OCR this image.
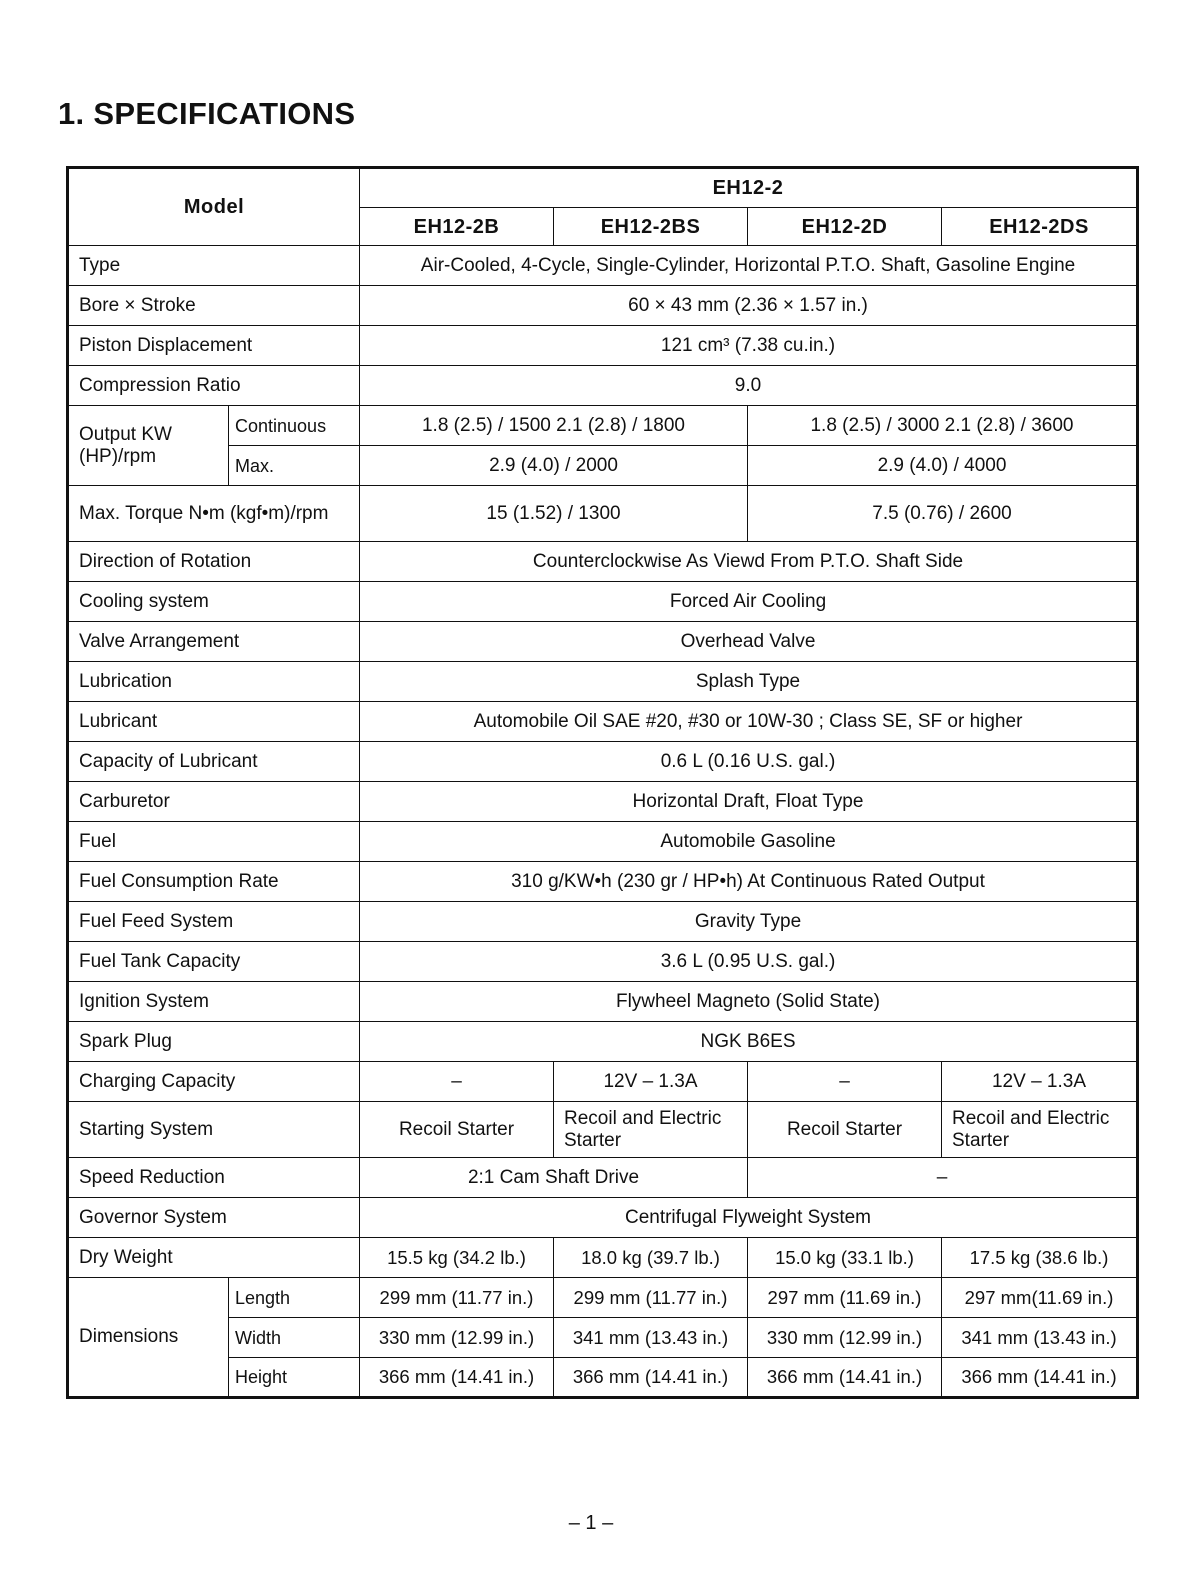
1. SPECIFICATIONS
Model		EH12-2			
		EH12-2B	EH12-2BS	EH12-2D	EH12-2DS
Type		Air-Cooled, 4-Cycle, Single-Cylinder, Horizontal P.T.O. Shaft, Gasoline Engine			
Bore × Stroke		60 × 43 mm (2.36 × 1.57 in.)			
Piston Displacement		121 cm³ (7.38 cu.in.)			
Compression Ratio		9.0			
Output KW (HP)/rpm	Continuous	1.8 (2.5) / 1500 2.1 (2.8) / 1800		1.8 (2.5) / 3000 2.1 (2.8) / 3600	
	Max.	2.9 (4.0) / 2000		2.9 (4.0) / 4000	
Max. Torque N•m (kgf•m)/rpm		15 (1.52) / 1300		7.5 (0.76) / 2600	
Direction of Rotation		Counterclockwise As Viewd From P.T.O. Shaft Side			
Cooling system		Forced Air Cooling			
Valve Arrangement		Overhead Valve			
Lubrication		Splash Type			
Lubricant		Automobile Oil SAE #20, #30 or 10W-30 ; Class SE, SF or higher			
Capacity of Lubricant		0.6 L (0.16 U.S. gal.)			
Carburetor		Horizontal Draft, Float Type			
Fuel		Automobile Gasoline			
Fuel Consumption Rate		310 g/KW•h (230 gr / HP•h) At Continuous Rated Output			
Fuel Feed System		Gravity Type			
Fuel Tank Capacity		3.6 L (0.95 U.S. gal.)			
Ignition System		Flywheel Magneto (Solid State)			
Spark Plug		NGK B6ES			
Charging Capacity		–	12V – 1.3A	–	12V – 1.3A
Starting System		Recoil Starter	Recoil and Electric Starter	Recoil Starter	Recoil and Electric Starter
Speed Reduction		2:1 Cam Shaft Drive		–	
Governor System		Centrifugal Flyweight System			
Dry Weight		15.5 kg (34.2 lb.)	18.0 kg (39.7 lb.)	15.0 kg (33.1 lb.)	17.5 kg (38.6 lb.)
Dimensions	Length	299 mm (11.77 in.)	299 mm (11.77 in.)	297 mm (11.69 in.)	297 mm(11.69 in.)
	Width	330 mm (12.99 in.)	341 mm (13.43 in.)	330 mm (12.99 in.)	341 mm (13.43 in.)
	Height	366 mm (14.41 in.)	366 mm (14.41 in.)	366 mm (14.41 in.)	366 mm (14.41 in.)
– 1 –
